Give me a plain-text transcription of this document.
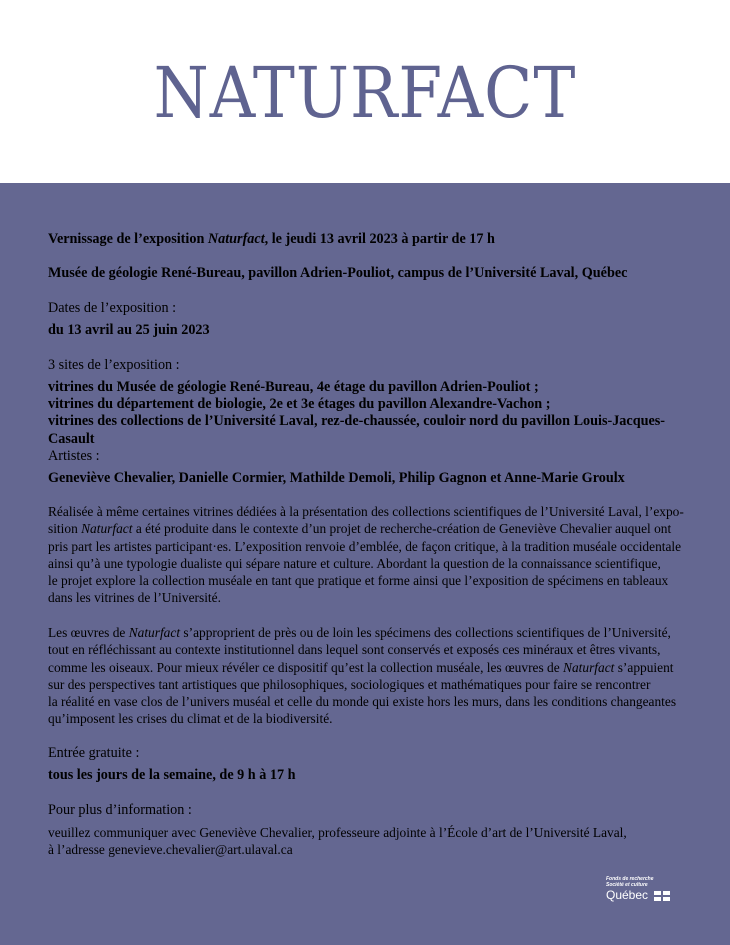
NATURFACT
Vernissage de l’exposition Naturfact, le jeudi 13 avril 2023 à partir de 17 h
Musée de géologie René-Bureau, pavillon Adrien-Pouliot, campus de l’Université Laval, Québec
Dates de l’exposition :
du 13 avril au 25 juin 2023
3 sites de l’exposition :
vitrines du Musée de géologie René-Bureau, 4e étage du pavillon Adrien-Pouliot ;
vitrines du département de biologie, 2e et 3e étages du pavillon Alexandre-Vachon ;
vitrines des collections de l’Université Laval, rez-de-chaussée, couloir nord du pavillon Louis-Jacques-Casault
Artistes :
Geneviève Chevalier, Danielle Cormier, Mathilde Demoli, Philip Gagnon et Anne-Marie Groulx
Réalisée à même certaines vitrines dédiées à la présentation des collections scientifiques de l’Université Laval, l’expo-
sition Naturfact a été produite dans le contexte d’un projet de recherche-création de Geneviève Chevalier auquel ont
pris part les artistes participant·es. L’exposition renvoie d’emblée, de façon critique, à la tradition muséale occidentale
ainsi qu’à une typologie dualiste qui sépare nature et culture. Abordant la question de la connaissance scientifique,
le projet explore la collection muséale en tant que pratique et forme ainsi que l’exposition de spécimens en tableaux
dans les vitrines de l’Université.
Les œuvres de Naturfact s’approprient de près ou de loin les spécimens des collections scientifiques de l’Université,
tout en réfléchissant au contexte institutionnel dans lequel sont conservés et exposés ces minéraux et êtres vivants,
comme les oiseaux. Pour mieux révéler ce dispositif qu’est la collection muséale, les œuvres de Naturfact s’appuient
sur des perspectives tant artistiques que philosophiques, sociologiques et mathématiques pour faire se rencontrer
la réalité en vase clos de l’univers muséal et celle du monde qui existe hors les murs, dans les conditions changeantes
qu’imposent les crises du climat et de la biodiversité.
Entrée gratuite :
tous les jours de la semaine, de 9 h à 17 h
Pour plus d’information :
veuillez communiquer avec Geneviève Chevalier, professeure adjointe à l’École d’art de l’Université Laval,
à l’adresse genevieve.chevalier@art.ulaval.ca
Fonds de recherche
Société et culture
Québec
